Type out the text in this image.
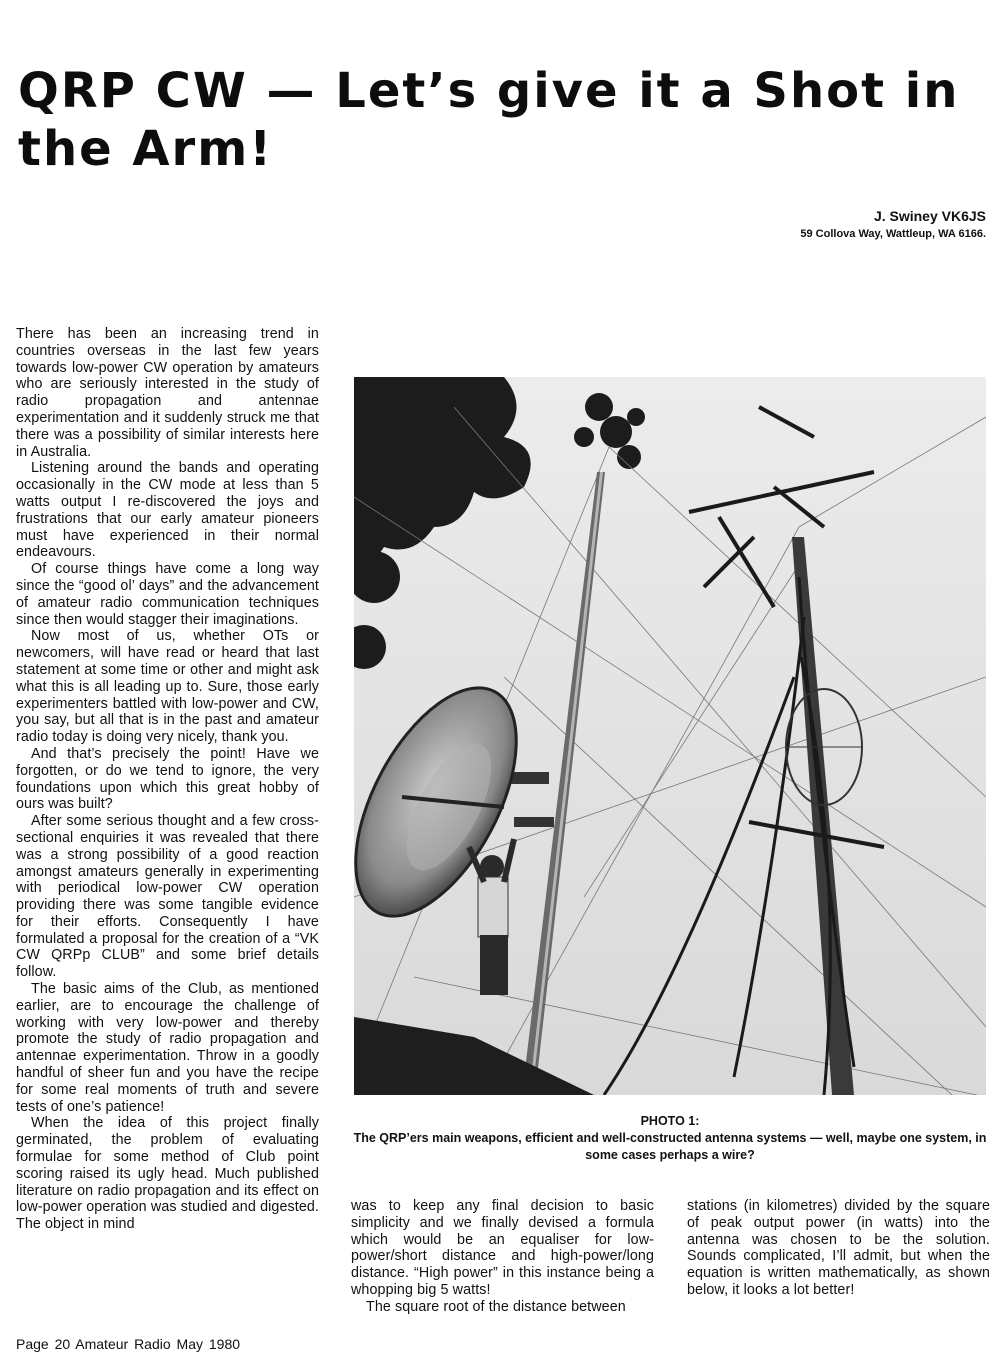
QRP CW — Let’s give it a Shot in the Arm!
J. Swiney VK6JS
59 Collova Way, Wattleup, WA 6166.

There has been an increasing trend in countries overseas in the last few years towards low-power CW operation by amateurs who are seriously interested in the study of radio propagation and antennae experimentation and it suddenly struck me that there was a possibility of similar interests here in Australia.

Listening around the bands and operating occasionally in the CW mode at less than 5 watts output I re-discovered the joys and frustrations that our early amateur pioneers must have experienced in their normal endeavours.

Of course things have come a long way since the “good ol’ days” and the advancement of amateur radio communication techniques since then would stagger their imaginations.

Now most of us, whether OTs or newcomers, will have read or heard that last statement at some time or other and might ask what this is all leading up to. Sure, those early experimenters battled with low-power and CW, you say, but all that is in the past and amateur radio today is doing very nicely, thank you.

And that’s precisely the point! Have we forgotten, or do we tend to ignore, the very foundations upon which this great hobby of ours was built?

After some serious thought and a few cross-sectional enquiries it was revealed that there was a strong possibility of a good reaction amongst amateurs generally in experimenting with periodical low-power CW operation providing there was some tangible evidence for their efforts. Consequently I have formulated a proposal for the creation of a “VK CW QRPp CLUB” and some brief details follow.

The basic aims of the Club, as mentioned earlier, are to encourage the challenge of working with very low-power and thereby promote the study of radio propagation and antennae experimentation. Throw in a goodly handful of sheer fun and you have the recipe for some real moments of truth and severe tests of one’s patience!

When the idea of this project finally germinated, the problem of evaluating formulae for some method of Club point scoring raised its ugly head. Much published literature on radio propagation and its effect on low-power operation was studied and digested. The object in mind

PHOTO 1:
The QRP’ers main weapons, efficient and well-constructed antenna systems — well, maybe one system, in some cases perhaps a wire?

was to keep any final decision to basic simplicity and we finally devised a formula which would be an equaliser for low-power/short distance and high-power/long distance. “High power” in this instance being a whopping big 5 watts!

The square root of the distance between

stations (in kilometres) divided by the square of peak output power (in watts) into the antenna was chosen to be the solution. Sounds complicated, I’ll admit, but when the equation is written mathematically, as shown below, it looks a lot better!

Page 20 Amateur Radio May 1980
